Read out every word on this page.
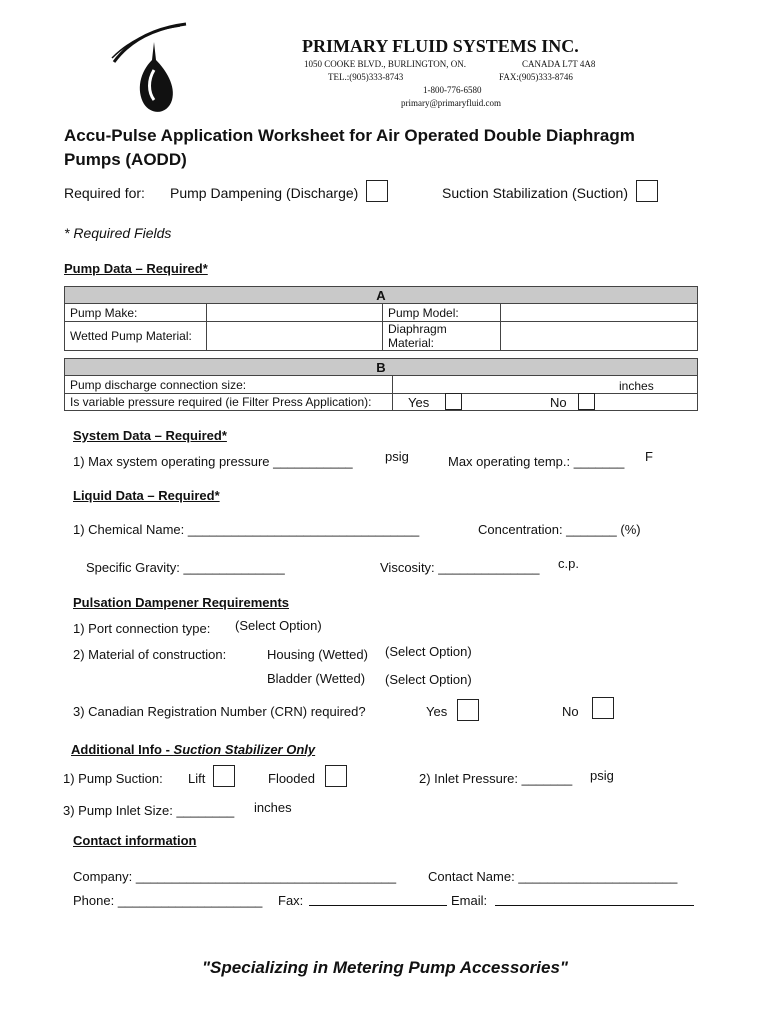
PRIMARY FLUID SYSTEMS INC.
1050 COOKE BLVD., BURLINGTON, ON.	CANADA L7T 4A8
TEL.:(905)333-8743	FAX:(905)333-8746
1-800-776-6580
primary@primaryfluid.com
Accu-Pulse Application Worksheet for Air Operated Double Diaphragm
Pumps (AODD)
Required for: Pump Dampening (Discharge)	Suction Stabilization (Suction)
* Required Fields
Pump Data – Required*
A			
Pump Make:		Pump Model:	
Wetted Pump Material:		Diaphragm Material:	
B
Pump discharge connection size:	inches
Is variable pressure required (ie Filter Press Application):	Yes	No
System Data – Required*
1) Max system operating pressure ___________ psig	Max operating temp.: _______ F
Liquid Data – Required*
1) Chemical Name: ________________________________	Concentration: _______ (%)
Specific Gravity: ______________	Viscosity: ______________ c.p.
Pulsation Dampener Requirements
1) Port connection type: (Select Option)
2) Material of construction:	Housing (Wetted) (Select Option)
Bladder (Wetted) (Select Option)
3) Canadian Registration Number (CRN) required?	Yes	No
Additional Info - Suction Stabilizer Only
1) Pump Suction: Lift	Flooded	2) Inlet Pressure: _______ psig
3) Pump Inlet Size: ________ inches
Contact information
Company: ____________________________________ Contact Name: ______________________
Phone: ____________________ Fax:	Email:
"Specializing in Metering Pump Accessories"
